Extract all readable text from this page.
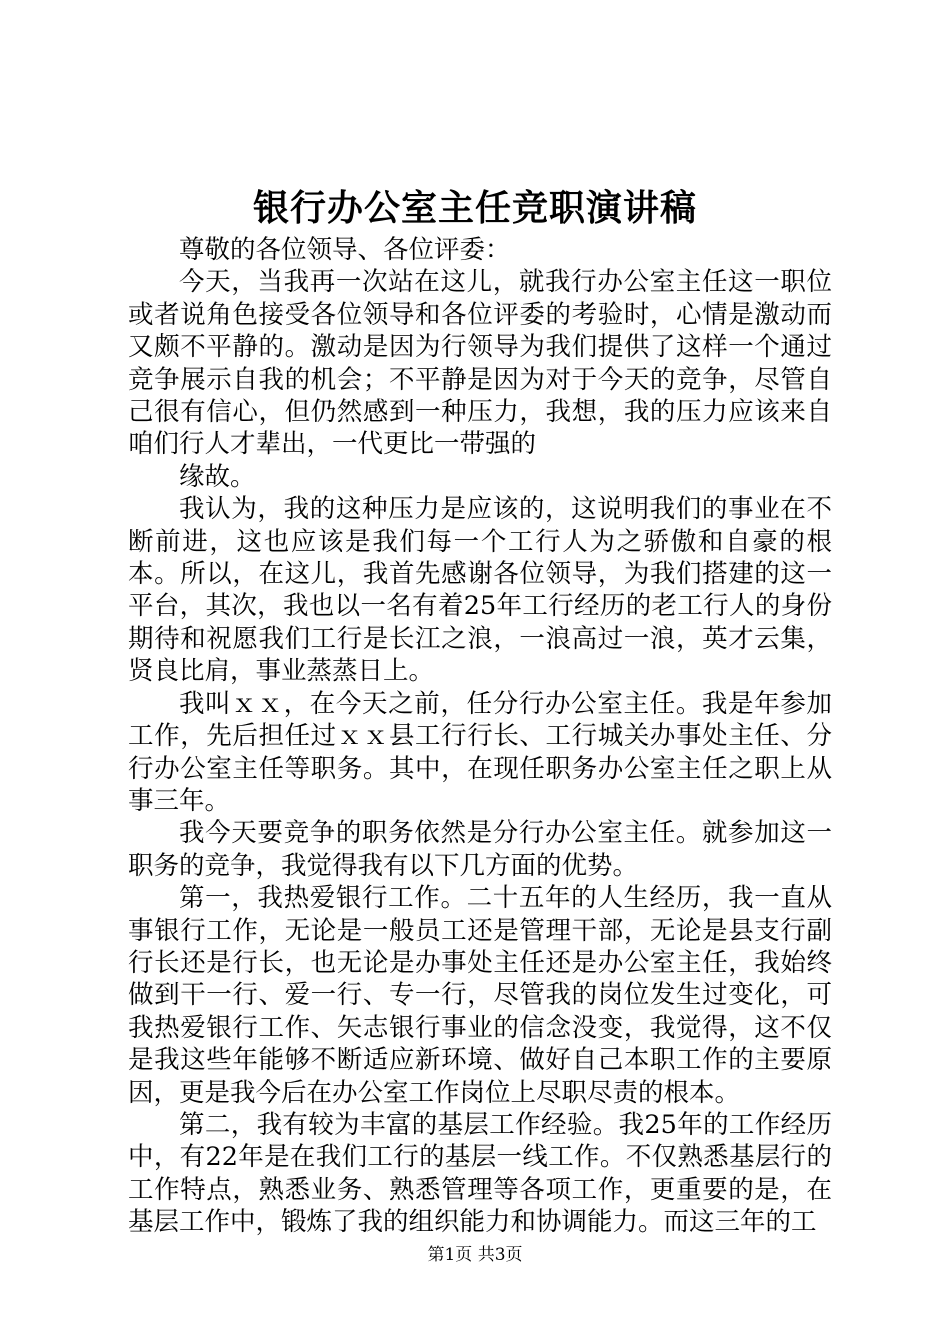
银行办公室主任竞职演讲稿

尊敬的各位领导、各位评委：

今天，当我再一次站在这儿，就我行办公室主任这一职位或者说角色接受各位领导和各位评委的考验时，心情是激动而又颇不平静的。激动是因为行领导为我们提供了这样一个通过竞争展示自我的机会；不平静是因为对于今天的竞争，尽管自己很有信心，但仍然感到一种压力，我想，我的压力应该来自咱们行人才辈出，一代更比一带强的

缘故。

我认为，我的这种压力是应该的，这说明我们的事业在不断前进，这也应该是我们每一个工行人为之骄傲和自豪的根本。所以，在这儿，我首先感谢各位领导，为我们搭建的这一平台，其次，我也以一名有着25年工行经历的老工行人的身份期待和祝愿我们工行是长江之浪，一浪高过一浪，英才云集，贤良比肩，事业蒸蒸日上。

我叫ｘｘ，在今天之前，任分行办公室主任。我是年参加工作，先后担任过ｘｘ县工行行长、工行城关办事处主任、分行办公室主任等职务。其中，在现任职务办公室主任之职上从事三年。

我今天要竞争的职务依然是分行办公室主任。就参加这一职务的竞争，我觉得我有以下几方面的优势。

第一，我热爱银行工作。二十五年的人生经历，我一直从事银行工作，无论是一般员工还是管理干部，无论是县支行副行长还是行长，也无论是办事处主任还是办公室主任，我始终做到干一行、爱一行、专一行，尽管我的岗位发生过变化，可我热爱银行工作、矢志银行事业的信念没变，我觉得，这不仅是我这些年能够不断适应新环境、做好自己本职工作的主要原因，更是我今后在办公室工作岗位上尽职尽责的根本。

第二，我有较为丰富的基层工作经验。我25年的工作经历中，有22年是在我们工行的基层一线工作。不仅熟悉基层行的工作特点，熟悉业务、熟悉管理等各项工作，更重要的是，在基层工作中，锻炼了我的组织能力和协调能力。而这三年的工

第1页 共3页
